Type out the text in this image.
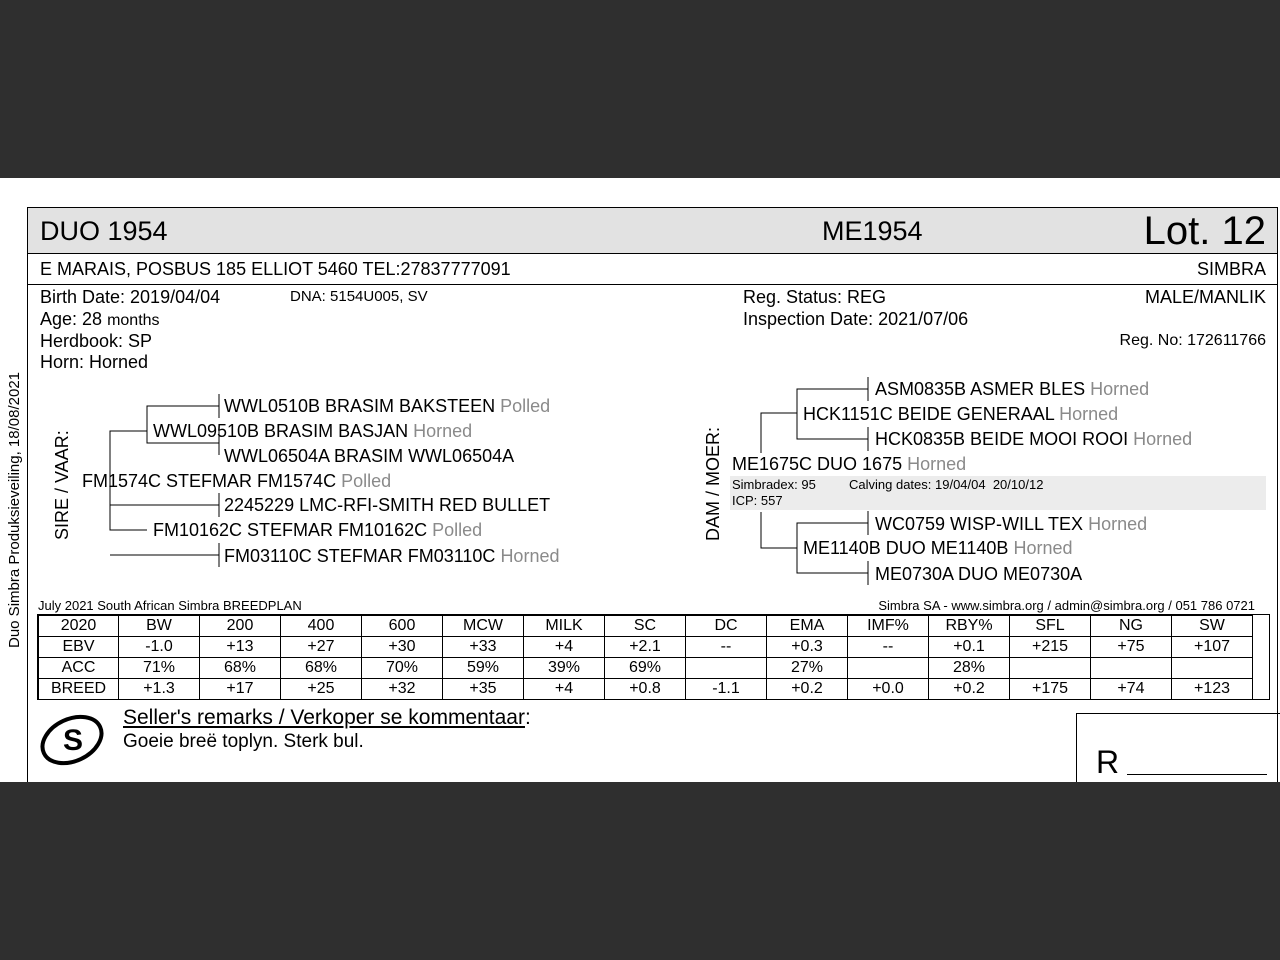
DUO 1954	ME1954	Lot. 12
E MARAIS, POSBUS 185 ELLIOT 5460 TEL:27837777091	SIMBRA
Birth Date: 2019/04/04	DNA: 5154U005, SV
Age: 28 months
Herdbook: SP
Horn: Horned
Reg. Status: REG
Inspection Date: 2021/07/06
MALE/MANLIK
Reg. No: 172611766
Duo Simbra Produksieveiling, 18/08/2021 SIRE / VAAR:
WWL0510B BRASIM BAKSTEEN Polled
WWL09510B BRASIM BASJAN Horned
WWL06504A BRASIM WWL06504A
FM1574C STEFMAR FM1574C Polled
2245229 LMC-RFI-SMITH RED BULLET
FM10162C STEFMAR FM10162C Polled
FM03110C STEFMAR FM03110C Horned
DAM / MOER:
ASM0835B ASMER BLES Horned
HCK1151C BEIDE GENERAAL Horned
HCK0835B BEIDE MOOI ROOI Horned
ME1675C DUO 1675 Horned
Simbradex: 95	Calving dates: 19/04/04  20/10/12
ICP: 557
WC0759 WISP-WILL TEX Horned
ME1140B DUO ME1140B Horned
ME0730A DUO ME0730A
July 2021 South African Simbra BREEDPLAN	Simbra SA - www.simbra.org / admin@simbra.org / 051 786 0721
2020	BW	200	400	600	MCW	MILK	SC	DC	EMA	IMF%	RBY%	SFL	NG	SW
EBV	-1.0	+13	+27	+30	+33	+4	+2.1	--	+0.3	--	+0.1	+215	+75	+107
ACC	71%	68%	68%	70%	59%	39%	69%		27%		28%			
BREED	+1.3	+17	+25	+32	+35	+4	+0.8	-1.1	+0.2	+0.0	+0.2	+175	+74	+123
S
Seller's remarks / Verkoper se kommentaar:
Goeie breë toplyn. Sterk bul.
R
